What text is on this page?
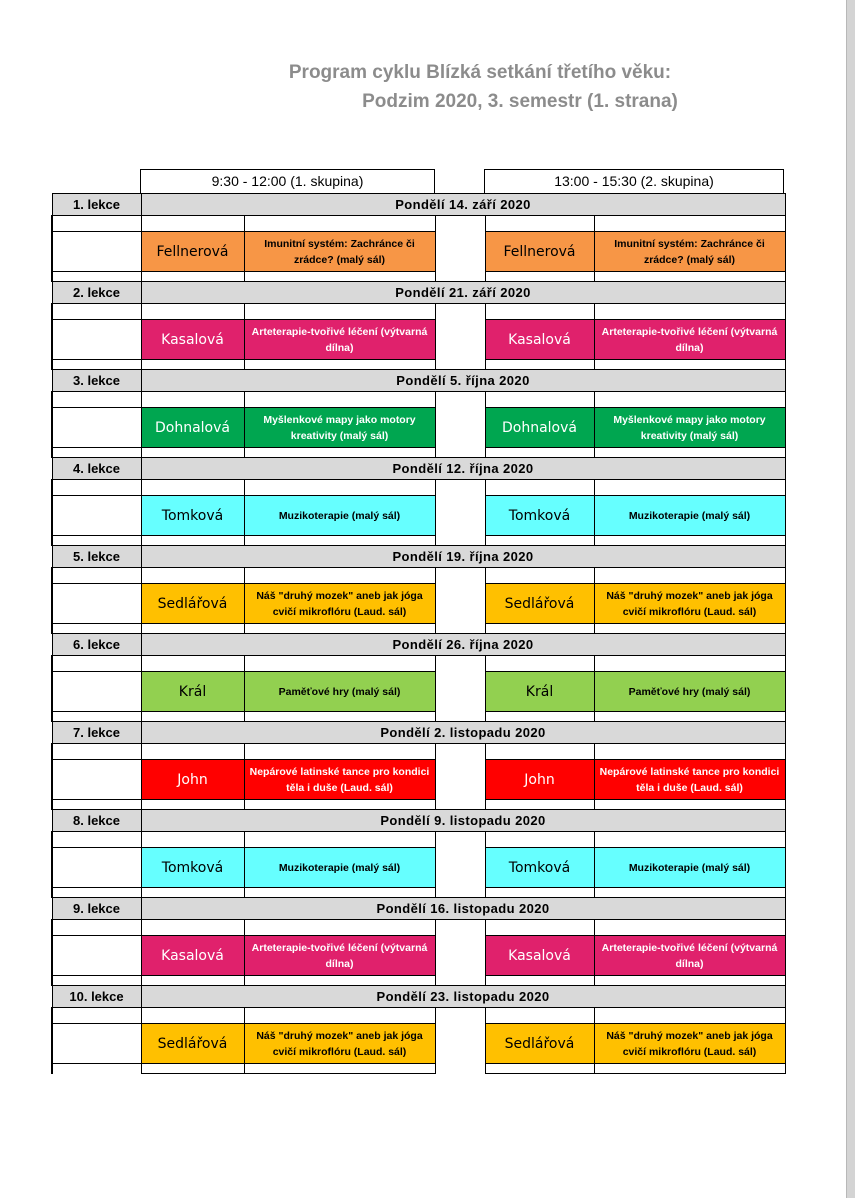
Program cyklu Blízká setkání třetího věku:
Podzim 2020, 3. semestr (1. strana)
9:30 - 12:00 (1. skupina)	13:00 - 15:30 (2. skupina)
1. lekce	Pondělí 14. září 2020				

	Fellnerová	Imunitní systém: Zachránce či zrádce? (malý sál)		Fellnerová	Imunitní systém: Zachránce či zrádce? (malý sál)

2. lekce	Pondělí 21. září 2020				

	Kasalová	Arteterapie-tvořivé léčení (výtvarná dílna)		Kasalová	Arteterapie-tvořivé léčení (výtvarná dílna)

3. lekce	Pondělí 5. října 2020				

	Dohnalová	Myšlenkové mapy jako motory kreativity (malý sál)		Dohnalová	Myšlenkové mapy jako motory kreativity (malý sál)

4. lekce	Pondělí 12. října 2020				

	Tomková	Muzikoterapie (malý sál)		Tomková	Muzikoterapie (malý sál)

5. lekce	Pondělí 19. října 2020				

	Sedlářová	Náš "druhý mozek" aneb jak jóga cvičí mikroflóru (Laud. sál)		Sedlářová	Náš "druhý mozek" aneb jak jóga cvičí mikroflóru (Laud. sál)

6. lekce	Pondělí 26. října 2020				

	Král	Paměťové hry (malý sál)		Král	Paměťové hry (malý sál)

7. lekce	Pondělí 2. listopadu 2020				

	John	Nepárové latinské tance pro kondici těla i duše (Laud. sál)		John	Nepárové latinské tance pro kondici těla i duše (Laud. sál)

8. lekce	Pondělí 9. listopadu 2020				

	Tomková	Muzikoterapie (malý sál)		Tomková	Muzikoterapie (malý sál)

9. lekce	Pondělí 16. listopadu 2020				

	Kasalová	Arteterapie-tvořivé léčení (výtvarná dílna)		Kasalová	Arteterapie-tvořivé léčení (výtvarná dílna)

10. lekce	Pondělí 23. listopadu 2020				

	Sedlářová	Náš "druhý mozek" aneb jak jóga cvičí mikroflóru (Laud. sál)		Sedlářová	Náš "druhý mozek" aneb jak jóga cvičí mikroflóru (Laud. sál)
